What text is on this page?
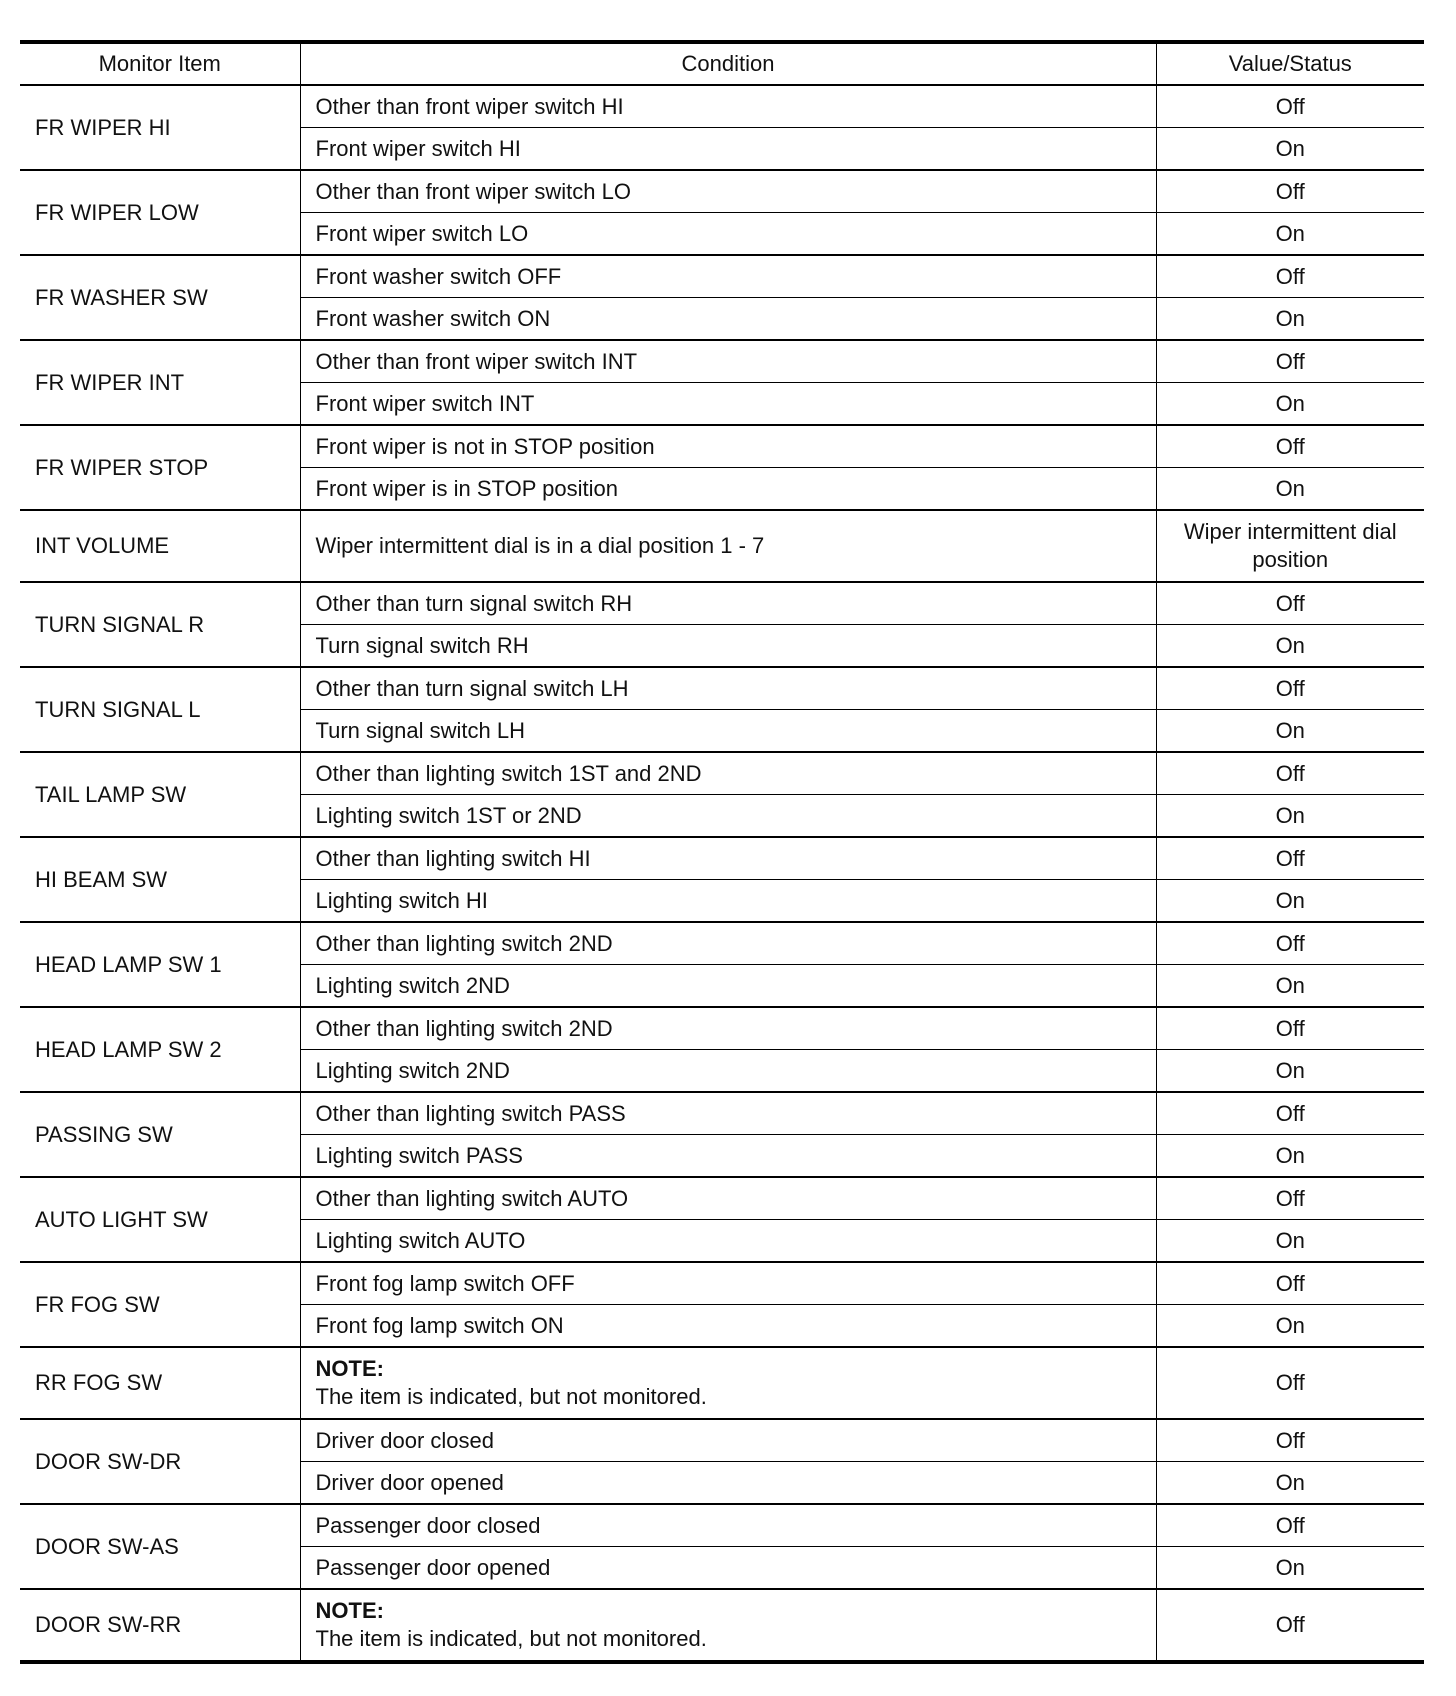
Monitor Item	Condition	Value/Status
FR WIPER HI	Other than front wiper switch HI	Off
	Front wiper switch HI	On
FR WIPER LOW	Other than front wiper switch LO	Off
	Front wiper switch LO	On
FR WASHER SW	Front washer switch OFF	Off
	Front washer switch ON	On
FR WIPER INT	Other than front wiper switch INT	Off
	Front wiper switch INT	On
FR WIPER STOP	Front wiper is not in STOP position	Off
	Front wiper is in STOP position	On
INT VOLUME	Wiper intermittent dial is in a dial position 1 - 7	Wiper intermittent dial position
TURN SIGNAL R	Other than turn signal switch RH	Off
	Turn signal switch RH	On
TURN SIGNAL L	Other than turn signal switch LH	Off
	Turn signal switch LH	On
TAIL LAMP SW	Other than lighting switch 1ST and 2ND	Off
	Lighting switch 1ST or 2ND	On
HI BEAM SW	Other than lighting switch HI	Off
	Lighting switch HI	On
HEAD LAMP SW 1	Other than lighting switch 2ND	Off
	Lighting switch 2ND	On
HEAD LAMP SW 2	Other than lighting switch 2ND	Off
	Lighting switch 2ND	On
PASSING SW	Other than lighting switch PASS	Off
	Lighting switch PASS	On
AUTO LIGHT SW	Other than lighting switch AUTO	Off
	Lighting switch AUTO	On
FR FOG SW	Front fog lamp switch OFF	Off
	Front fog lamp switch ON	On
RR FOG SW	NOTE:
The item is indicated, but not monitored.	Off
DOOR SW-DR	Driver door closed	Off
	Driver door opened	On
DOOR SW-AS	Passenger door closed	Off
	Passenger door opened	On
DOOR SW-RR	NOTE:
The item is indicated, but not monitored.	Off
